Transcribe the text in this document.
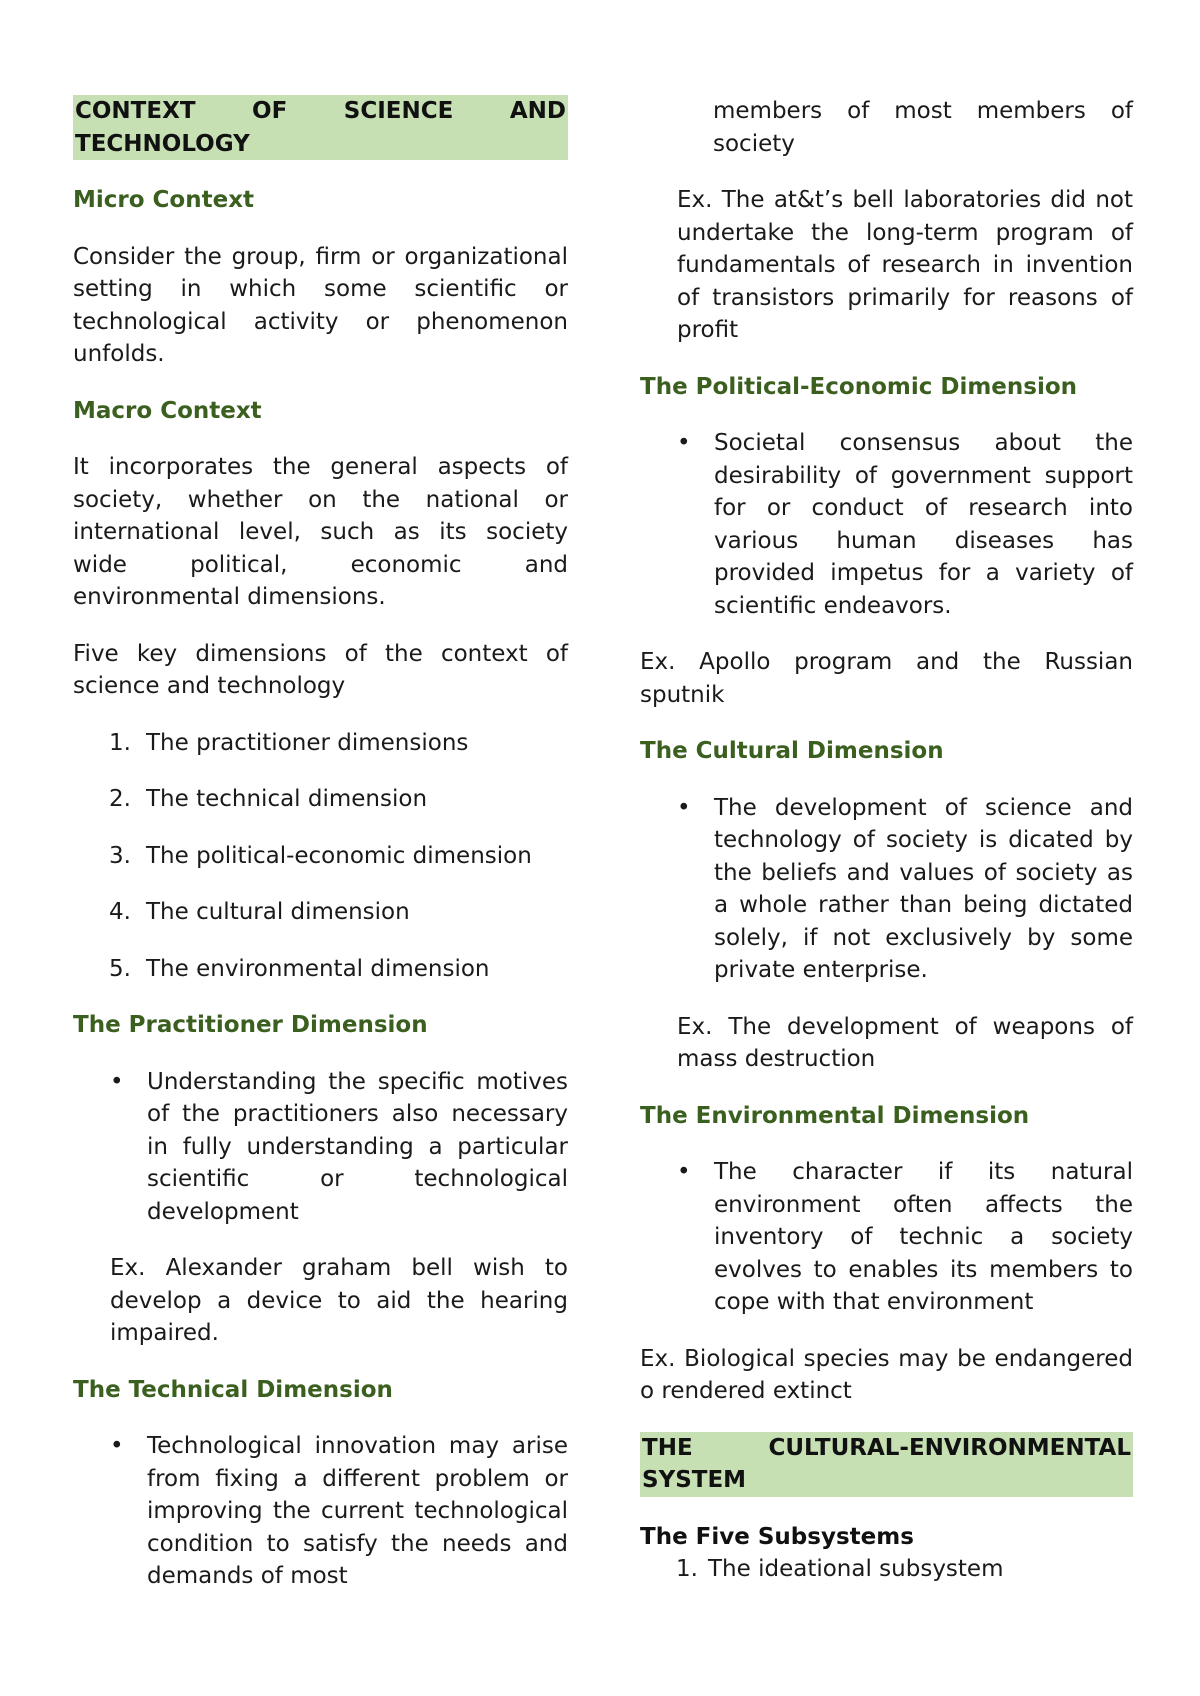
CONTEXT OF SCIENCE AND TECHNOLOGY
Micro Context

Consider the group, firm or organizational setting in which some scientific or technological activity or phenomenon unfolds.

Macro Context

It incorporates the general aspects of society, whether on the national or international level, such as its society wide political, economic and environmental dimensions.

Five key dimensions of the context of science and technology

1. The practitioner dimensions
2. The technical dimension
3. The political-economic dimension
4. The cultural dimension
5. The environmental dimension
The Practitioner Dimension
• Understanding the specific motives of the practitioners also necessary in fully understanding a particular scientific or technological development

Ex. Alexander graham bell wish to develop a device to aid the hearing impaired.

The Technical Dimension
• Technological innovation may arise from fixing a different problem or improving the current technological condition to satisfy the needs and demands of most

members of most members of society

Ex. The at&t’s bell laboratories did not undertake the long-term program of fundamentals of research in invention of transistors primarily for reasons of profit

The Political-Economic Dimension
• Societal consensus about the desirability of government support for or conduct of research into various human diseases has provided impetus for a variety of scientific endeavors.

Ex. Apollo program and the Russian sputnik

The Cultural Dimension
• The development of science and technology of society is dicated by the beliefs and values of society as a whole rather than being dictated solely, if not exclusively by some private enterprise.

Ex. The development of weapons of mass destruction

The Environmental Dimension
• The character if its natural environment often affects the inventory of technic a society evolves to enables its members to cope with that environment

Ex. Biological species may be endangered o rendered extinct

THE CULTURAL-ENVIRONMENTAL SYSTEM
The Five Subsystems
1. The ideational subsystem
